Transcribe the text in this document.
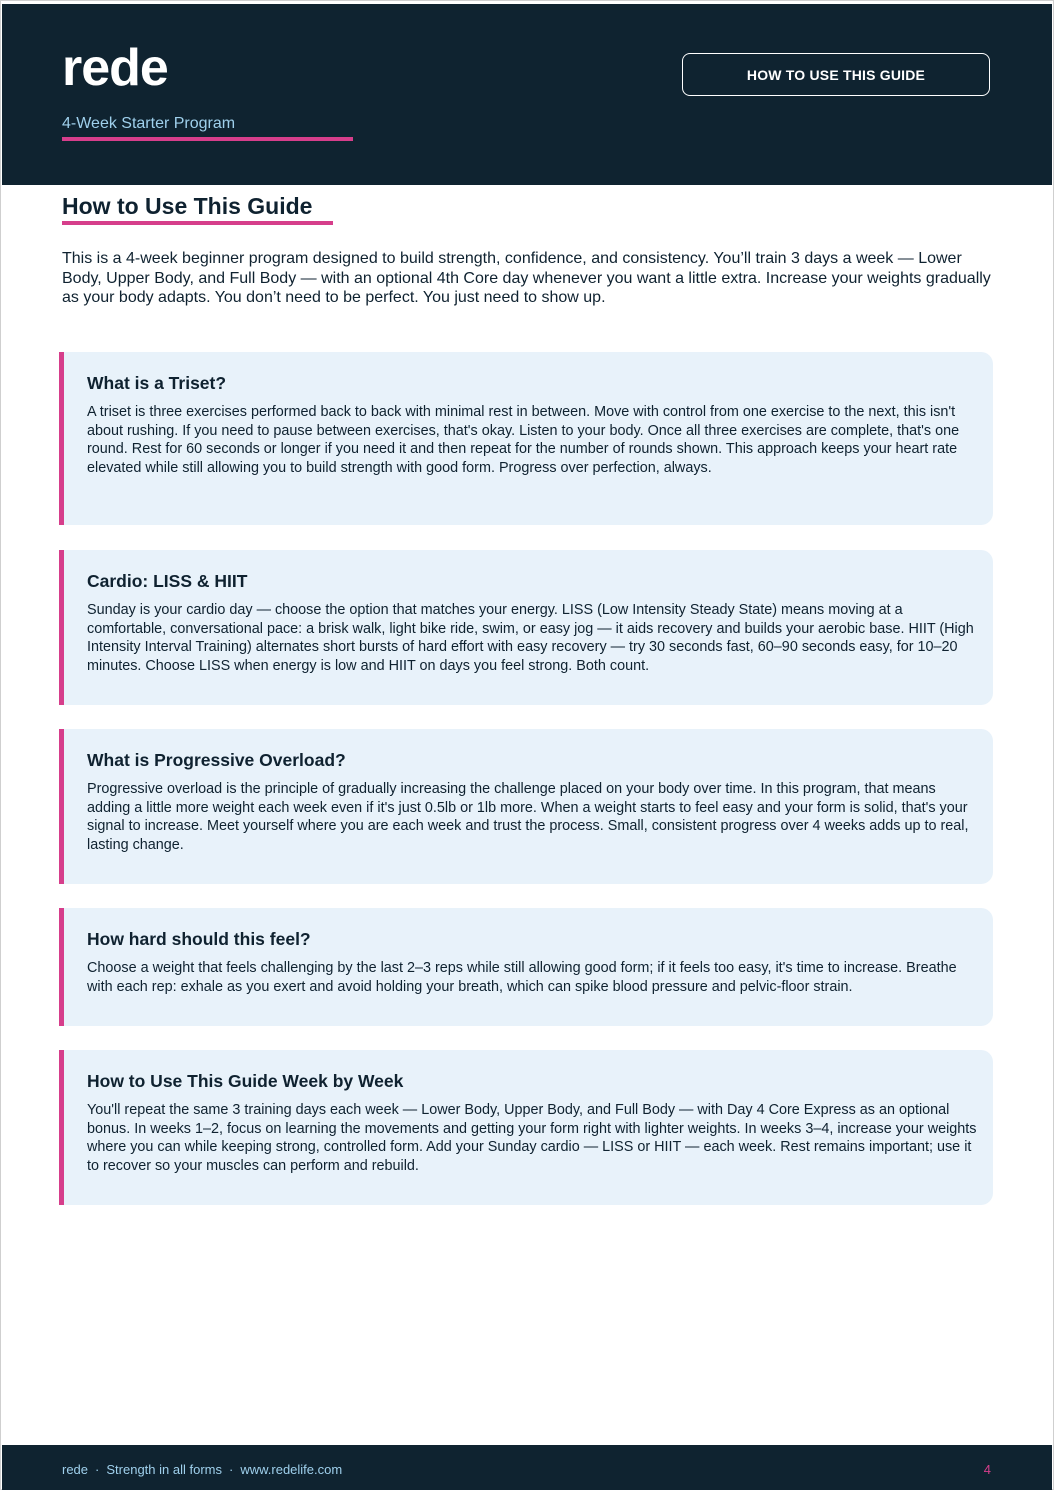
rede
4-Week Starter Program
HOW TO USE THIS GUIDE
How to Use This Guide

This is a 4-week beginner program designed to build strength, confidence, and consistency. You’ll train 3 days a week — Lower Body, Upper Body, and Full Body — with an optional 4th Core day whenever you want a little extra. Increase your weights gradually as your body adapts. You don’t need to be perfect. You just need to show up.

What is a Triset?

A triset is three exercises performed back to back with minimal rest in between. Move with control from one exercise to the next, this isn't about rushing. If you need to pause between exercises, that's okay. Listen to your body. Once all three exercises are complete, that's one round. Rest for 60 seconds or longer if you need it and then repeat for the number of rounds shown. This approach keeps your heart rate elevated while still allowing you to build strength with good form. Progress over perfection, always.

Cardio: LISS & HIIT

Sunday is your cardio day — choose the option that matches your energy. LISS (Low Intensity Steady State) means moving at a comfortable, conversational pace: a brisk walk, light bike ride, swim, or easy jog — it aids recovery and builds your aerobic base. HIIT (High Intensity Interval Training) alternates short bursts of hard effort with easy recovery — try 30 seconds fast, 60–90 seconds easy, for 10–20 minutes. Choose LISS when energy is low and HIIT on days you feel strong. Both count.

What is Progressive Overload?

Progressive overload is the principle of gradually increasing the challenge placed on your body over time. In this program, that means adding a little more weight each week even if it's just 0.5lb or 1lb more. When a weight starts to feel easy and your form is solid, that's your signal to increase. Meet yourself where you are each week and trust the process. Small, consistent progress over 4 weeks adds up to real, lasting change.

How hard should this feel?

Choose a weight that feels challenging by the last 2–3 reps while still allowing good form; if it feels too easy, it's time to increase. Breathe with each rep: exhale as you exert and avoid holding your breath, which can spike blood pressure and pelvic-floor strain.

How to Use This Guide Week by Week

You'll repeat the same 3 training days each week — Lower Body, Upper Body, and Full Body — with Day 4 Core Express as an optional bonus. In weeks 1–2, focus on learning the movements and getting your form right with lighter weights. In weeks 3–4, increase your weights where you can while keeping strong, controlled form. Add your Sunday cardio — LISS or HIIT — each week. Rest remains important; use it to recover so your muscles can perform and rebuild.

rede · Strength in all forms · www.redelife.com	4
